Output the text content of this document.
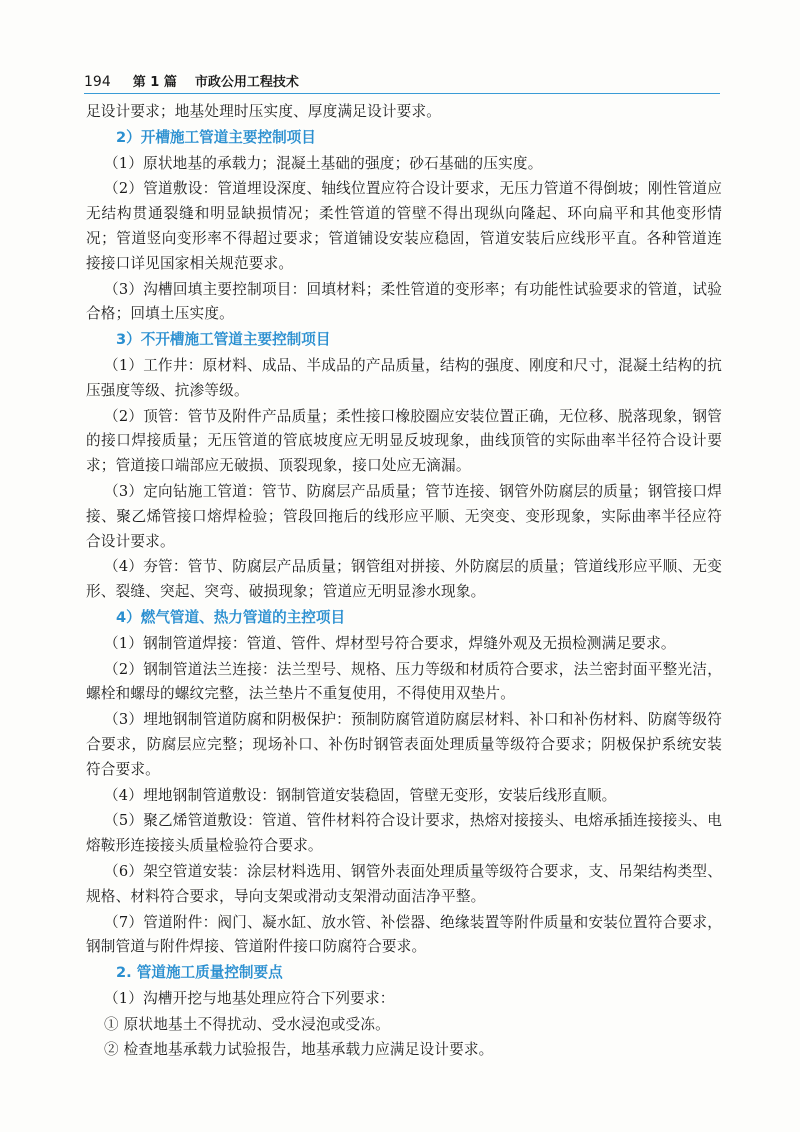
194 第 1 篇 市政公用工程技术
足设计要求；地基处理时压实度、厚度满足设计要求。
2）开槽施工管道主要控制项目
（1）原状地基的承载力；混凝土基础的强度；砂石基础的压实度。
（2）管道敷设：管道埋设深度、轴线位置应符合设计要求，无压力管道不得倒坡；刚性管道应无结构贯通裂缝和明显缺损情况；柔性管道的管壁不得出现纵向隆起、环向扁平和其他变形情况；管道竖向变形率不得超过要求；管道铺设安装应稳固，管道安装后应线形平直。各种管道连接接口详见国家相关规范要求。
（3）沟槽回填主要控制项目：回填材料；柔性管道的变形率；有功能性试验要求的管道，试验合格；回填土压实度。
3）不开槽施工管道主要控制项目
（1）工作井：原材料、成品、半成品的产品质量，结构的强度、刚度和尺寸，混凝土结构的抗压强度等级、抗渗等级。
（2）顶管：管节及附件产品质量；柔性接口橡胶圈应安装位置正确，无位移、脱落现象，钢管的接口焊接质量；无压管道的管底坡度应无明显反坡现象，曲线顶管的实际曲率半径符合设计要求；管道接口端部应无破损、顶裂现象，接口处应无滴漏。
（3）定向钻施工管道：管节、防腐层产品质量；管节连接、钢管外防腐层的质量；钢管接口焊接、聚乙烯管接口熔焊检验；管段回拖后的线形应平顺、无突变、变形现象，实际曲率半径应符合设计要求。
（4）夯管：管节、防腐层产品质量；钢管组对拼接、外防腐层的质量；管道线形应平顺、无变形、裂缝、突起、突弯、破损现象；管道应无明显渗水现象。
4）燃气管道、热力管道的主控项目
（1）钢制管道焊接：管道、管件、焊材型号符合要求，焊缝外观及无损检测满足要求。
（2）钢制管道法兰连接：法兰型号、规格、压力等级和材质符合要求，法兰密封面平整光洁，螺栓和螺母的螺纹完整，法兰垫片不重复使用，不得使用双垫片。
（3）埋地钢制管道防腐和阴极保护：预制防腐管道防腐层材料、补口和补伤材料、防腐等级符合要求，防腐层应完整；现场补口、补伤时钢管表面处理质量等级符合要求；阴极保护系统安装符合要求。
（4）埋地钢制管道敷设：钢制管道安装稳固，管壁无变形，安装后线形直顺。
（5）聚乙烯管道敷设：管道、管件材料符合设计要求，热熔对接接头、电熔承插连接接头、电熔鞍形连接接头质量检验符合要求。
（6）架空管道安装：涂层材料选用、钢管外表面处理质量等级符合要求，支、吊架结构类型、规格、材料符合要求，导向支架或滑动支架滑动面洁净平整。
（7）管道附件：阀门、凝水缸、放水管、补偿器、绝缘装置等附件质量和安装位置符合要求，钢制管道与附件焊接、管道附件接口防腐符合要求。
2. 管道施工质量控制要点
（1）沟槽开挖与地基处理应符合下列要求：
① 原状地基土不得扰动、受水浸泡或受冻。
② 检查地基承载力试验报告，地基承载力应满足设计要求。
